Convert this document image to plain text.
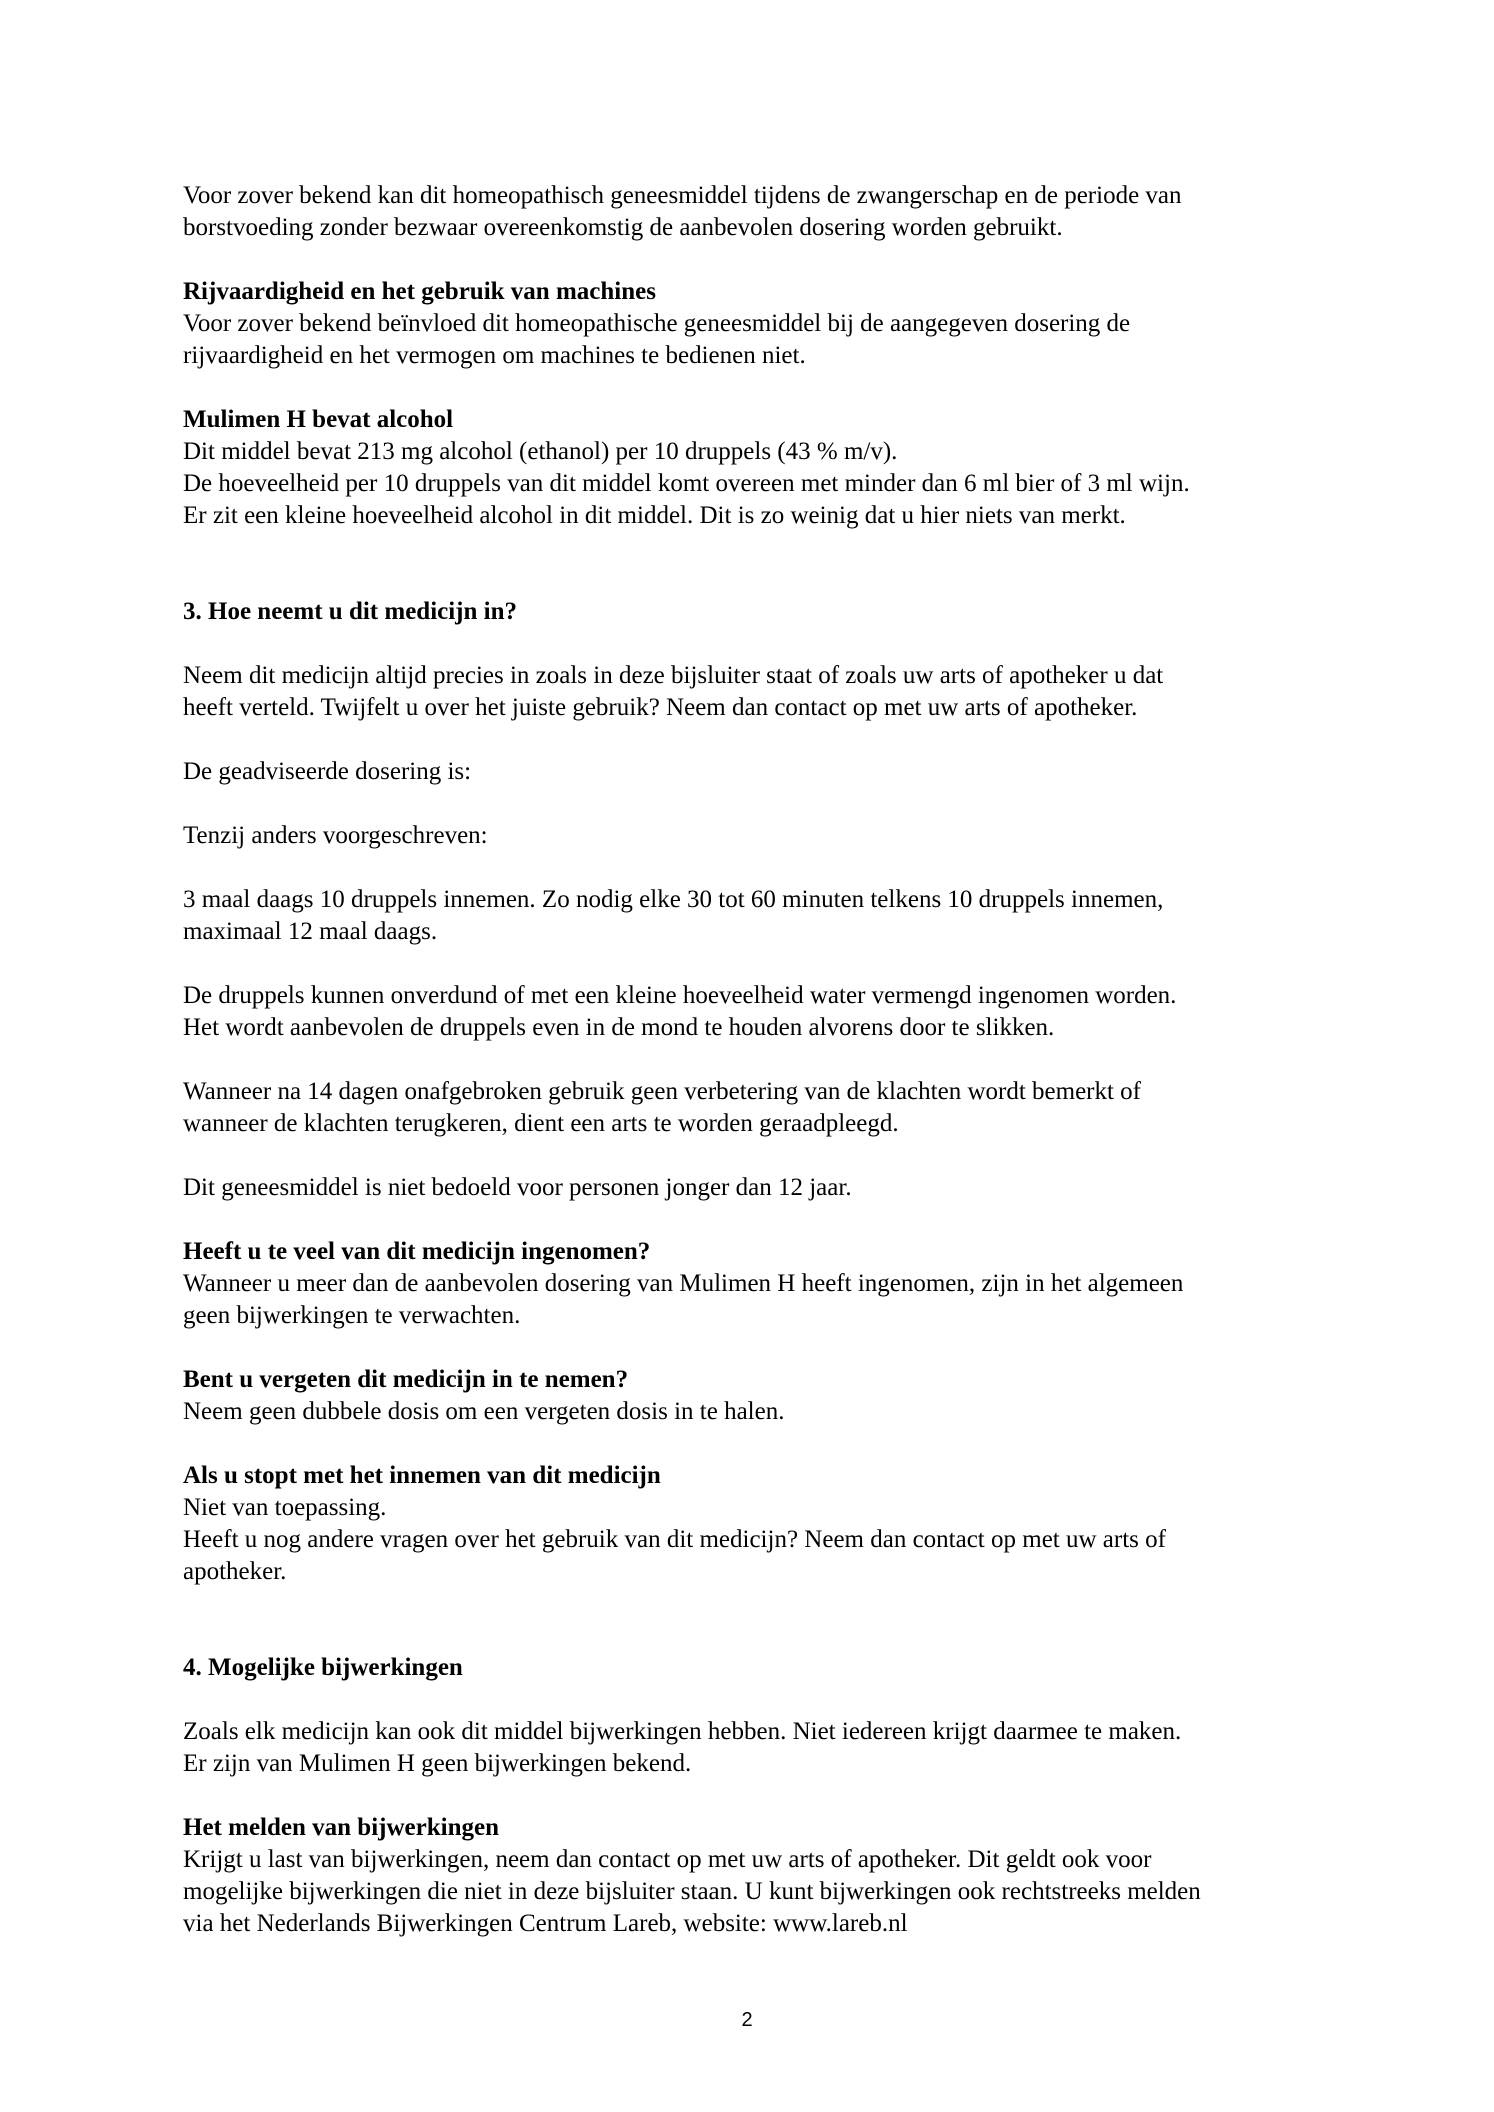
Voor zover bekend kan dit homeopathisch geneesmiddel tijdens de zwangerschap en de periode van
borstvoeding zonder bezwaar overeenkomstig de aanbevolen dosering worden gebruikt.

Rijvaardigheid en het gebruik van machines
Voor zover bekend beïnvloed dit homeopathische geneesmiddel bij de aangegeven dosering de
rijvaardigheid en het vermogen om machines te bedienen niet.

Mulimen H bevat alcohol
Dit middel bevat 213 mg alcohol (ethanol) per 10 druppels (43 % m/v).
De hoeveelheid per 10 druppels van dit middel komt overeen met minder dan 6 ml bier of 3 ml wijn.
Er zit een kleine hoeveelheid alcohol in dit middel. Dit is zo weinig dat u hier niets van merkt.

3. Hoe neemt u dit medicijn in?

Neem dit medicijn altijd precies in zoals in deze bijsluiter staat of zoals uw arts of apotheker u dat
heeft verteld. Twijfelt u over het juiste gebruik? Neem dan contact op met uw arts of apotheker.

De geadviseerde dosering is:

Tenzij anders voorgeschreven:

3 maal daags 10 druppels innemen. Zo nodig elke 30 tot 60 minuten telkens 10 druppels innemen,
maximaal 12 maal daags.

De druppels kunnen onverdund of met een kleine hoeveelheid water vermengd ingenomen worden.
Het wordt aanbevolen de druppels even in de mond te houden alvorens door te slikken.

Wanneer na 14 dagen onafgebroken gebruik geen verbetering van de klachten wordt bemerkt of
wanneer de klachten terugkeren, dient een arts te worden geraadpleegd.

Dit geneesmiddel is niet bedoeld voor personen jonger dan 12 jaar.

Heeft u te veel van dit medicijn ingenomen?
Wanneer u meer dan de aanbevolen dosering van Mulimen H heeft ingenomen, zijn in het algemeen
geen bijwerkingen te verwachten.

Bent u vergeten dit medicijn in te nemen?
Neem geen dubbele dosis om een vergeten dosis in te halen.

Als u stopt met het innemen van dit medicijn
Niet van toepassing.
Heeft u nog andere vragen over het gebruik van dit medicijn? Neem dan contact op met uw arts of
apotheker.

4. Mogelijke bijwerkingen

Zoals elk medicijn kan ook dit middel bijwerkingen hebben. Niet iedereen krijgt daarmee te maken.
Er zijn van Mulimen H geen bijwerkingen bekend.

Het melden van bijwerkingen
Krijgt u last van bijwerkingen, neem dan contact op met uw arts of apotheker. Dit geldt ook voor
mogelijke bijwerkingen die niet in deze bijsluiter staan. U kunt bijwerkingen ook rechtstreeks melden
via het Nederlands Bijwerkingen Centrum Lareb, website: www.lareb.nl

2
